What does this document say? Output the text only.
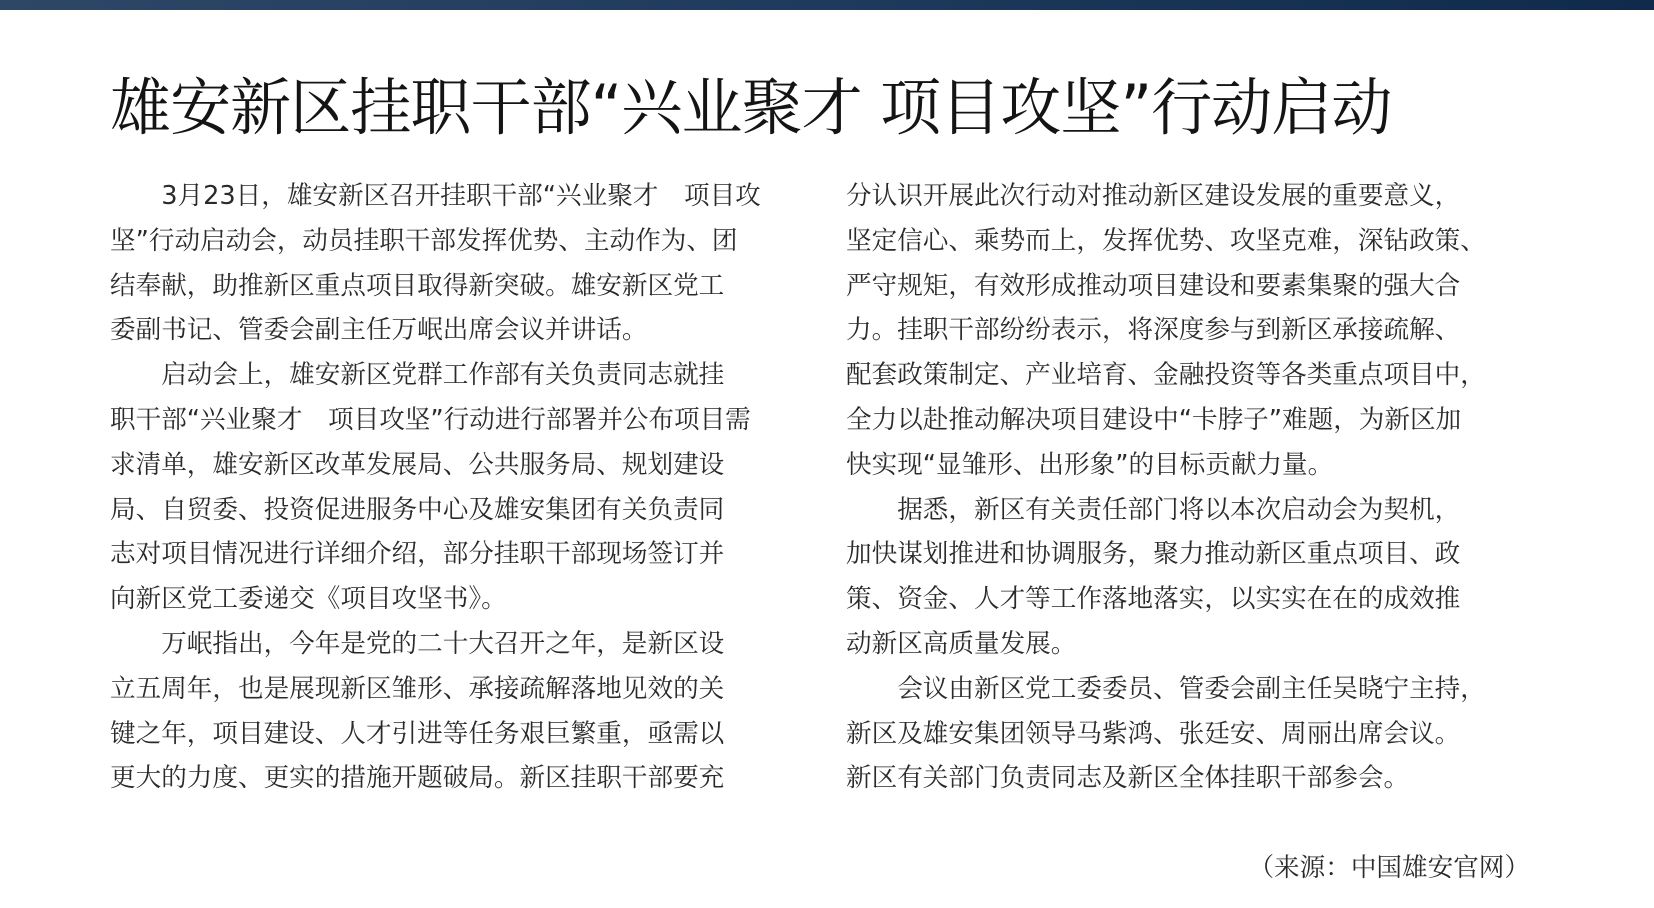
雄安新区挂职干部“兴业聚才 项目攻坚”行动启动
　　3月23日，雄安新区召开挂职干部“兴业聚才　项目攻
坚”行动启动会，动员挂职干部发挥优势、主动作为、团
结奉献，助推新区重点项目取得新突破。雄安新区党工
委副书记、管委会副主任万岷出席会议并讲话。
　　启动会上，雄安新区党群工作部有关负责同志就挂
职干部“兴业聚才　项目攻坚”行动进行部署并公布项目需
求清单，雄安新区改革发展局、公共服务局、规划建设
局、自贸委、投资促进服务中心及雄安集团有关负责同
志对项目情况进行详细介绍，部分挂职干部现场签订并
向新区党工委递交《项目攻坚书》。
　　万岷指出，今年是党的二十大召开之年，是新区设
立五周年，也是展现新区雏形、承接疏解落地见效的关
键之年，项目建设、人才引进等任务艰巨繁重，亟需以
更大的力度、更实的措施开题破局。新区挂职干部要充
分认识开展此次行动对推动新区建设发展的重要意义，
坚定信心、乘势而上，发挥优势、攻坚克难，深钻政策、
严守规矩，有效形成推动项目建设和要素集聚的强大合
力。挂职干部纷纷表示，将深度参与到新区承接疏解、
配套政策制定、产业培育、金融投资等各类重点项目中，
全力以赴推动解决项目建设中“卡脖子”难题，为新区加
快实现“显雏形、出形象”的目标贡献力量。
　　据悉，新区有关责任部门将以本次启动会为契机，
加快谋划推进和协调服务，聚力推动新区重点项目、政
策、资金、人才等工作落地落实，以实实在在的成效推
动新区高质量发展。
　　会议由新区党工委委员、管委会副主任吴晓宁主持，
新区及雄安集团领导马紫鸿、张廷安、周丽出席会议。
新区有关部门负责同志及新区全体挂职干部参会。
（来源：中国雄安官网）
